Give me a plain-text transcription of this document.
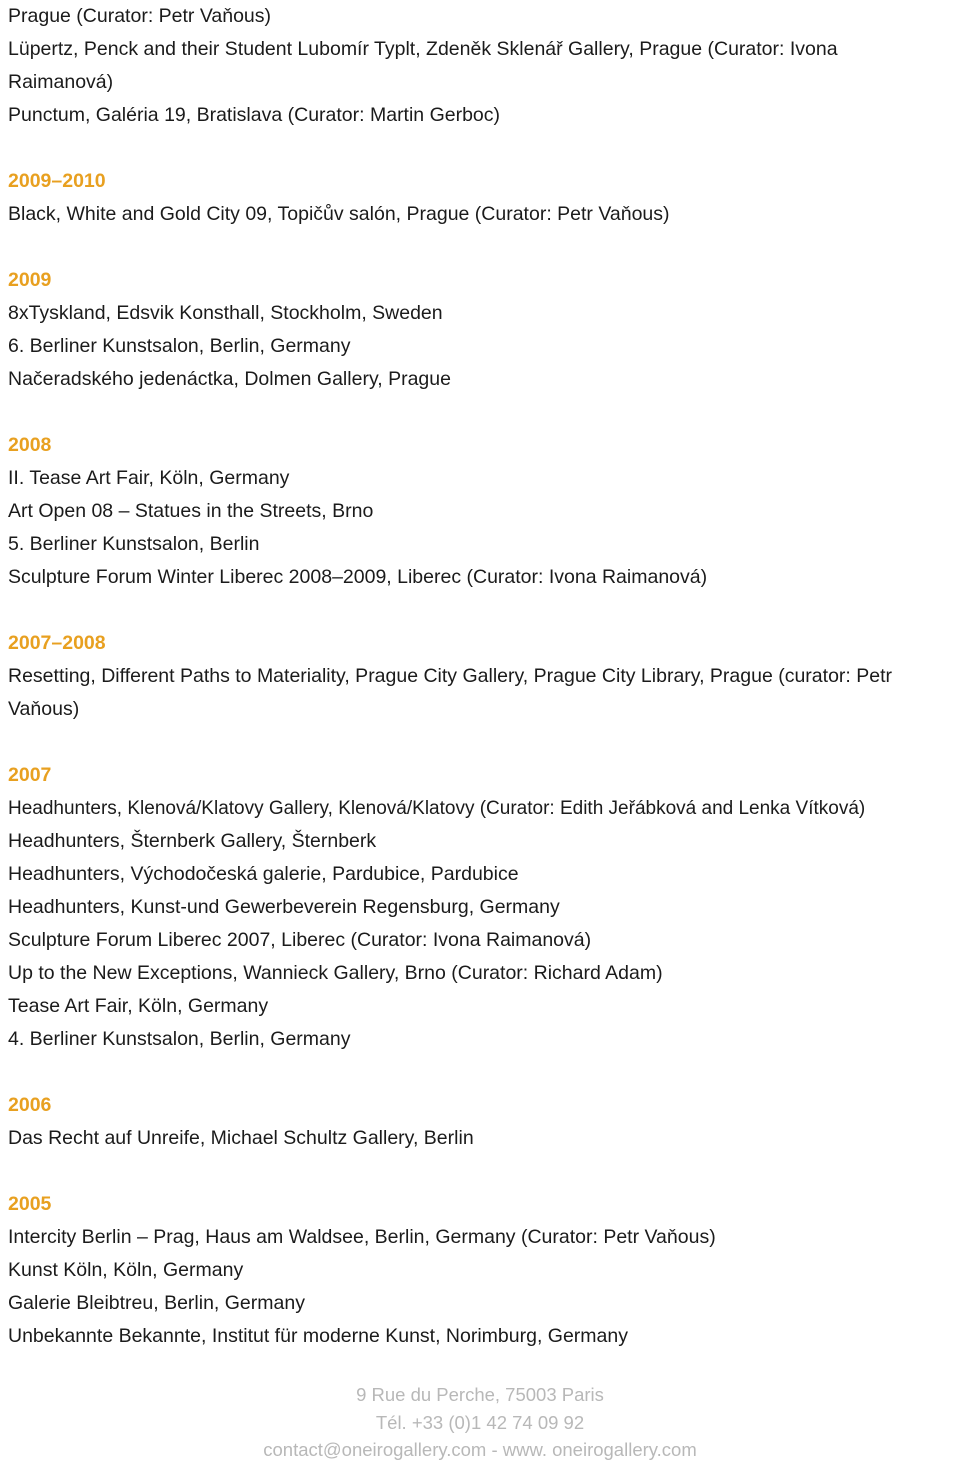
Prague (Curator: Petr Vaňous)
Lüpertz, Penck and their Student Lubomír Typlt, Zdeněk Sklenář Gallery, Prague (Curator: Ivona Raimanová)
Punctum, Galéria 19, Bratislava (Curator: Martin Gerboc)
2009–2010
Black, White and Gold City 09, Topičův salón, Prague (Curator: Petr Vaňous)
2009
8xTyskland, Edsvik Konsthall, Stockholm, Sweden
6. Berliner Kunstsalon, Berlin, Germany
Načeradského jedenáctka, Dolmen Gallery, Prague
2008
II. Tease Art Fair, Köln, Germany
Art Open 08 – Statues in the Streets, Brno
5. Berliner Kunstsalon, Berlin
Sculpture Forum Winter Liberec 2008–2009, Liberec (Curator: Ivona Raimanová)
2007–2008
Resetting, Different Paths to Materiality, Prague City Gallery, Prague City Library, Prague (curator: Petr Vaňous)
2007
Headhunters, Klenová/Klatovy Gallery, Klenová/Klatovy (Curator: Edith Jeřábková and Lenka Vítková)
Headhunters, Šternberk Gallery, Šternberk
Headhunters, Východočeská galerie, Pardubice, Pardubice
Headhunters, Kunst-und Gewerbeverein Regensburg, Germany
Sculpture Forum Liberec 2007, Liberec (Curator: Ivona Raimanová)
Up to the New Exceptions, Wannieck Gallery, Brno (Curator: Richard Adam)
Tease Art Fair, Köln, Germany
4. Berliner Kunstsalon, Berlin, Germany
2006
Das Recht auf Unreife, Michael Schultz Gallery, Berlin
2005
Intercity Berlin – Prag, Haus am Waldsee, Berlin, Germany (Curator: Petr Vaňous)
Kunst Köln, Köln, Germany
Galerie Bleibtreu, Berlin, Germany
Unbekannte Bekannte, Institut für moderne Kunst, Norimburg, Germany
9 Rue du Perche, 75003 Paris
Tél. +33 (0)1 42 74 09 92
contact@oneirogallery.com - www. oneirogallery.com
